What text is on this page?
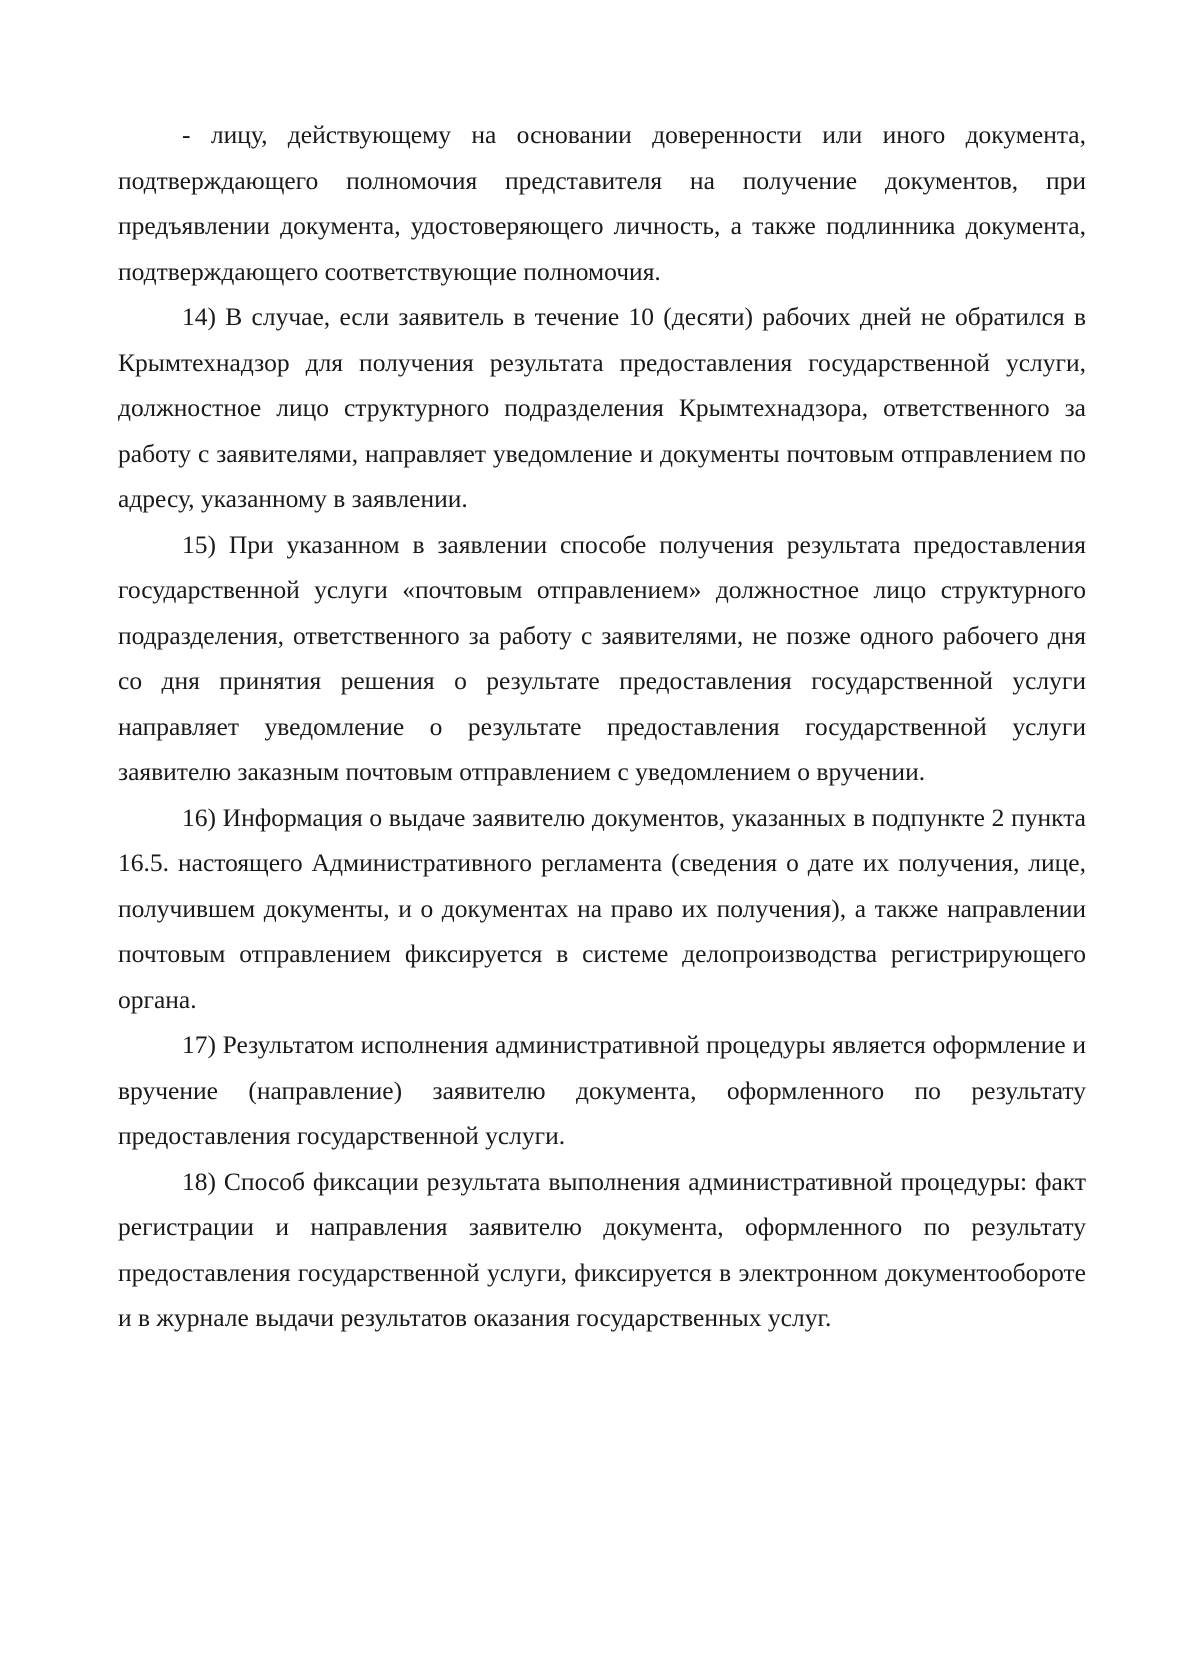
- лицу, действующему на основании доверенности или иного документа, подтверждающего полномочия представителя на получение документов, при предъявлении документа, удостоверяющего личность, а также подлинника документа, подтверждающего соответствующие полномочия.

14) В случае, если заявитель в течение 10 (десяти) рабочих дней не обратился в Крымтехнадзор для получения результата предоставления государственной услуги, должностное лицо структурного подразделения Крымтехнадзора, ответственного за работу с заявителями, направляет уведомление и документы почтовым отправлением по адресу, указанному в заявлении.

15) При указанном в заявлении способе получения результата предоставления государственной услуги «почтовым отправлением» должностное лицо структурного подразделения, ответственного за работу с заявителями, не позже одного рабочего дня со дня принятия решения о результате предоставления государственной услуги направляет уведомление о результате предоставления государственной услуги заявителю заказным почтовым отправлением с уведомлением о вручении.

16) Информация о выдаче заявителю документов, указанных в подпункте 2 пункта 16.5. настоящего Административного регламента (сведения о дате их получения, лице, получившем документы, и о документах на право их получения), а также направлении почтовым отправлением фиксируется в системе делопроизводства регистрирующего органа.

17) Результатом исполнения административной процедуры является оформление и вручение (направление) заявителю документа, оформленного по результату предоставления государственной услуги.

18) Способ фиксации результата выполнения административной процедуры: факт регистрации и направления заявителю документа, оформленного по результату предоставления государственной услуги, фиксируется в электронном документообороте и в журнале выдачи результатов оказания государственных услуг.
